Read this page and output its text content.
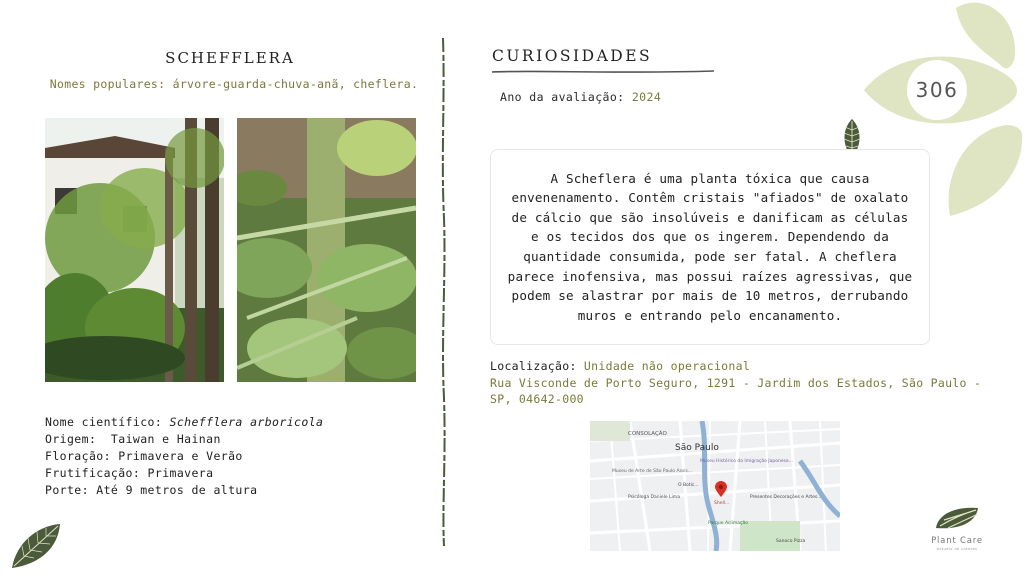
SCHEFFLERA
Nomes populares: árvore-guarda-chuva-anã, cheflera.
Nome científico: Schefflera arboricola
Origem: Taiwan e Hainan
Floração: Primavera e Verão
Frutificação: Primavera
Porte: Até 9 metros de altura
CURIOSIDADES
Ano da avaliação: 2024	306

A Scheflera é uma planta tóxica que causa envenenamento. Contêm cristais "afiados" de oxalato de cálcio que são insolúveis e danificam as células e os tecidos dos que os ingerem. Dependendo da quantidade consumida, pode ser fatal. A cheflera parece inofensiva, mas possui raízes agressivas, que podem se alastrar por mais de 10 metros, derrubando muros e entrando pelo encanamento.

Localização: Unidade não operacional
Rua Visconde de Porto Seguro, 1291 - Jardim dos Estados, São Paulo - SP, 04642-000
CONSOLAÇÃO
São Paulo
Museu de Arte de São Paulo Assis...
Museu Histórico da Imigração Japonesa...
O Botic...
Psicóloga Daniele Lima
Shell...
Presentes Decorações e Artes...
Parque Aclimação
Sanoco Pizza	Plant Care
estudio de plantas
